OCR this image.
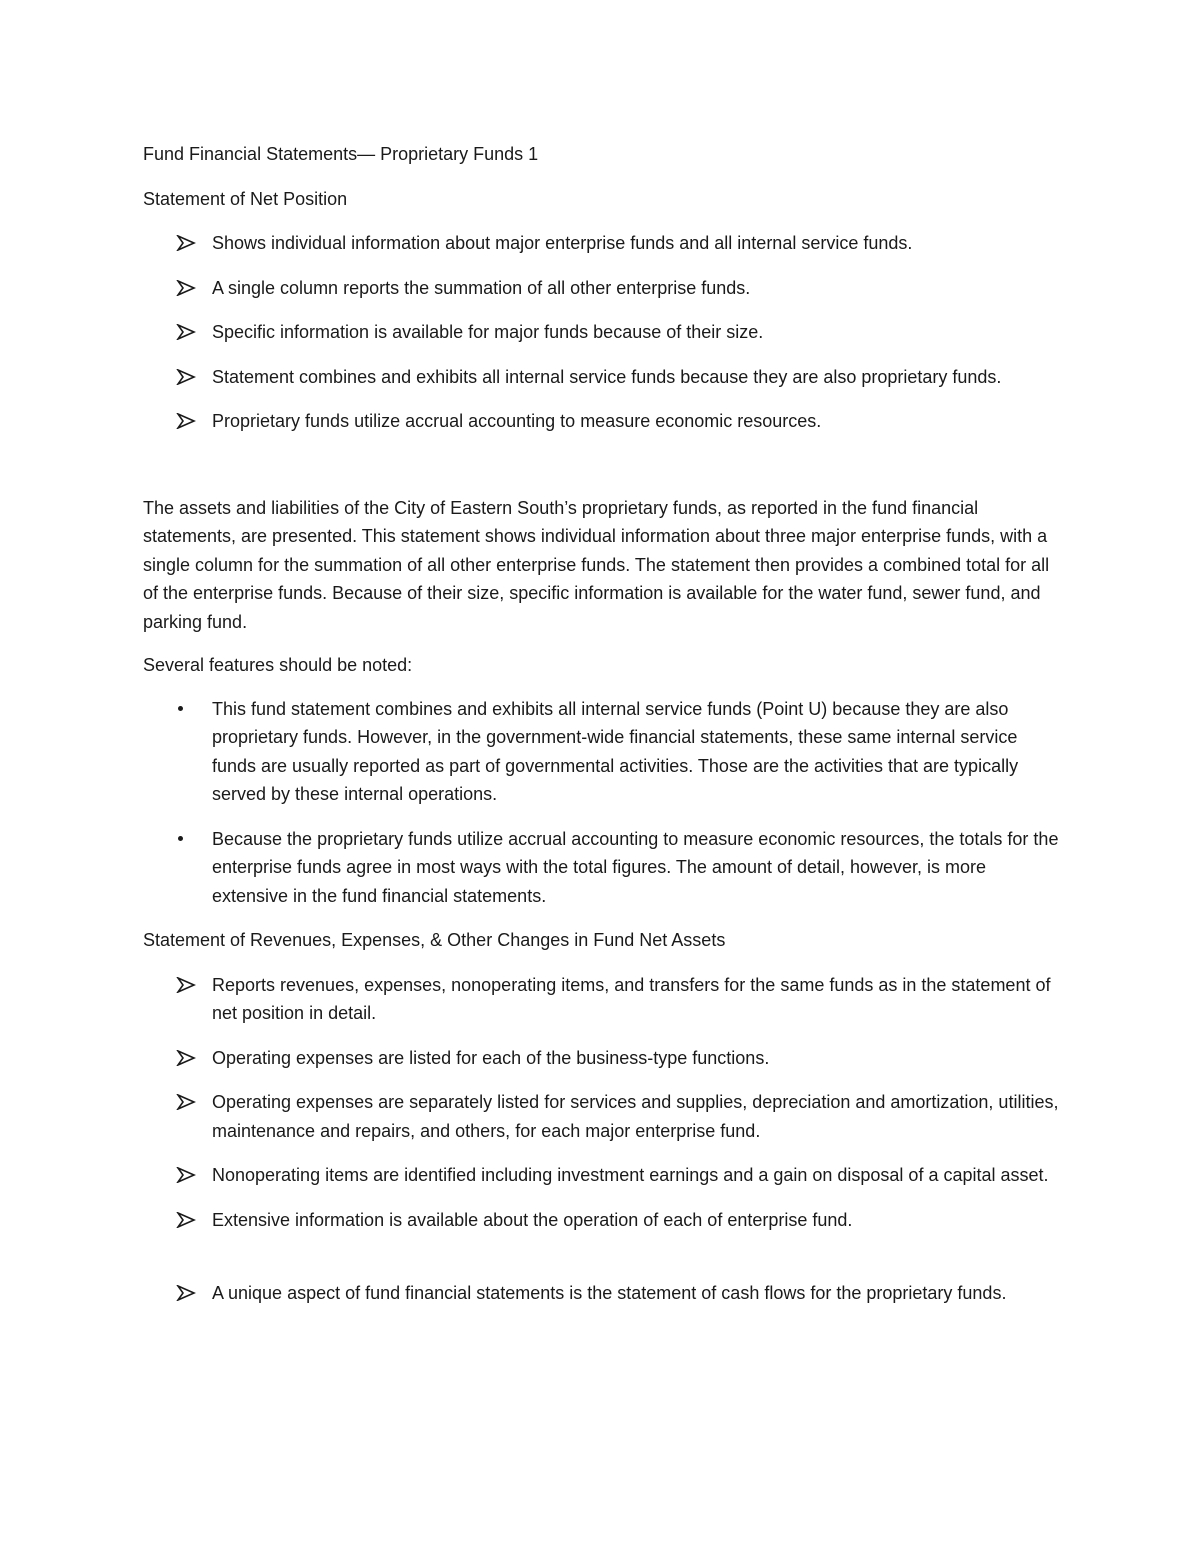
Fund Financial Statements— Proprietary Funds 1

Statement of Net Position

Shows individual information about major enterprise funds and all internal service funds.
A single column reports the summation of all other enterprise funds.
Specific information is available for major funds because of their size.
Statement combines and exhibits all internal service funds because they are also proprietary funds.
Proprietary funds utilize accrual accounting to measure economic resources.

The assets and liabilities of the City of Eastern South’s proprietary funds, as reported in the fund financial statements, are presented. This statement shows individual information about three major enterprise funds, with a single column for the summation of all other enterprise funds. The statement then provides a combined total for all of the enterprise funds. Because of their size, specific information is available for the water fund, sewer fund, and parking fund.

Several features should be noted:

This fund statement combines and exhibits all internal service funds (Point U) because they are also proprietary funds. However, in the government-wide financial statements, these same internal service funds are usually reported as part of governmental activities. Those are the activities that are typically served by these internal operations.
Because the proprietary funds utilize accrual accounting to measure economic resources, the totals for the enterprise funds agree in most ways with the total figures. The amount of detail, however, is more extensive in the fund financial statements.

Statement of Revenues, Expenses, & Other Changes in Fund Net Assets

Reports revenues, expenses, nonoperating items, and transfers for the same funds as in the statement of net position in detail.
Operating expenses are listed for each of the business-type functions.
Operating expenses are separately listed for services and supplies, depreciation and amortization, utilities, maintenance and repairs, and others, for each major enterprise fund.
Nonoperating items are identified including investment earnings and a gain on disposal of a capital asset.
Extensive information is available about the operation of each of enterprise fund.
A unique aspect of fund financial statements is the statement of cash flows for the proprietary funds.
